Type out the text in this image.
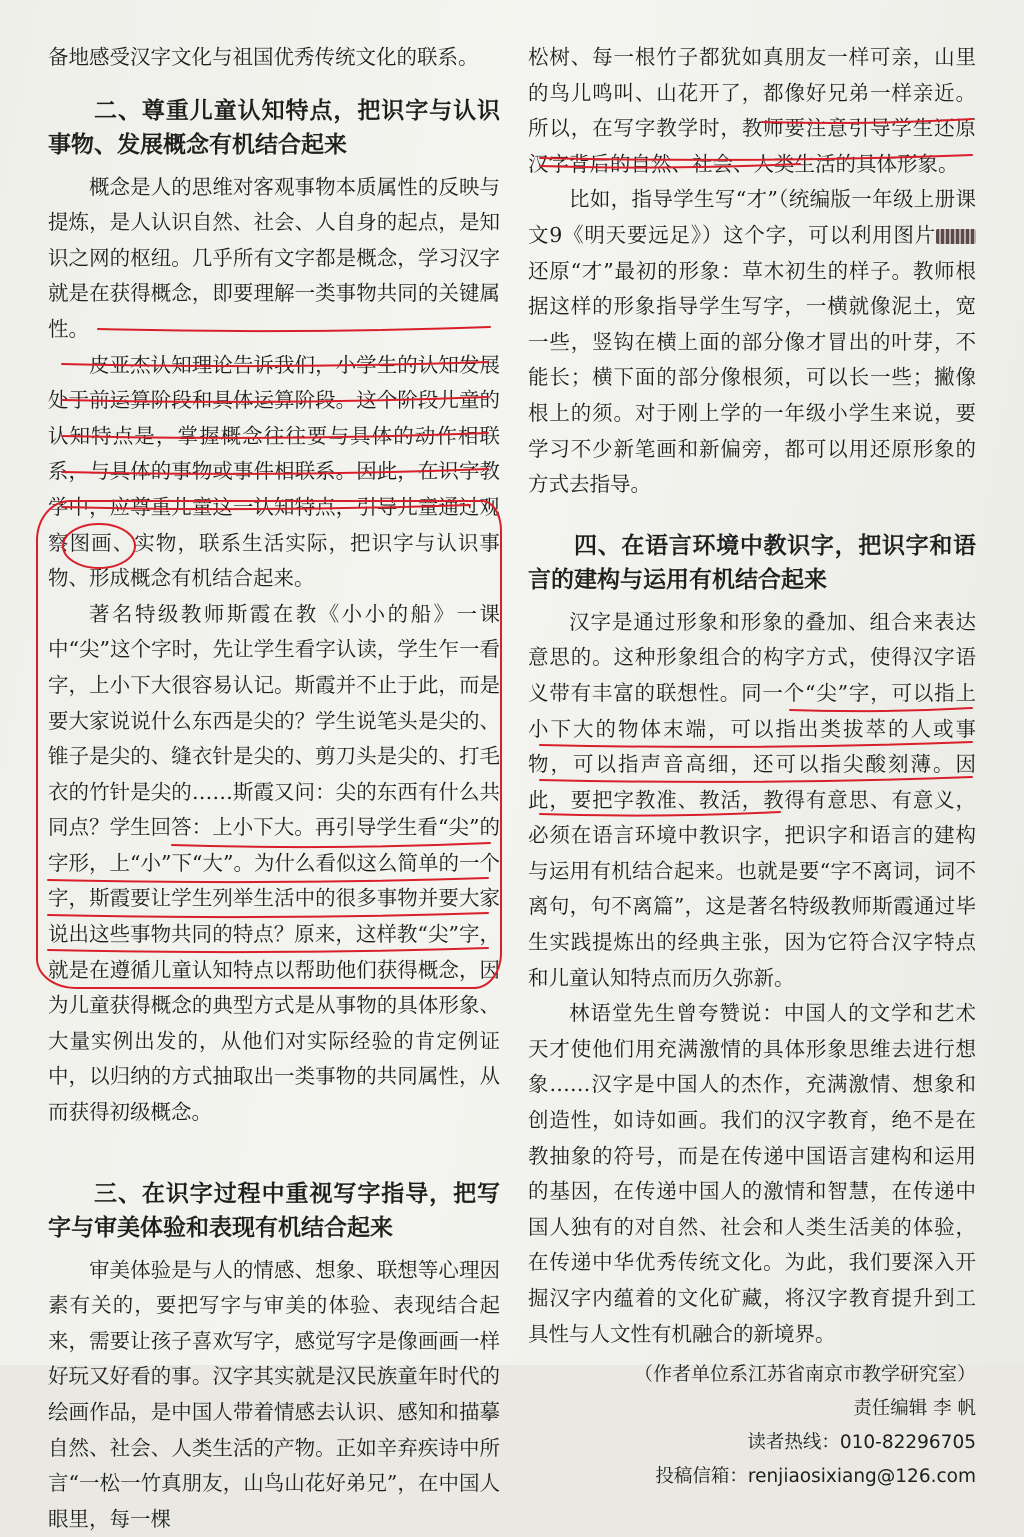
备地感受汉字文化与祖国优秀传统文化的联系。

二、尊重儿童认知特点，把识字与认识事物、发展概念有机结合起来

概念是人的思维对客观事物本质属性的反映与提炼，是人认识自然、社会、人自身的起点，是知识之网的枢纽。几乎所有文字都是概念，学习汉字就是在获得概念，即要理解一类事物共同的关键属性。

皮亚杰认知理论告诉我们，小学生的认知发展处于前运算阶段和具体运算阶段。这个阶段儿童的认知特点是，掌握概念往往要与具体的动作相联系，与具体的事物或事件相联系。因此，在识字教学中，应尊重儿童这一认知特点，引导儿童通过观察图画、实物，联系生活实际，把识字与认识事物、形成概念有机结合起来。

著名特级教师斯霞在教《小小的船》一课中“尖”这个字时，先让学生看字认读，学生乍一看字，上小下大很容易认记。斯霞并不止于此，而是要大家说说什么东西是尖的？学生说笔头是尖的、锥子是尖的、缝衣针是尖的、剪刀头是尖的、打毛衣的竹针是尖的……斯霞又问：尖的东西有什么共同点？学生回答：上小下大。再引导学生看“尖”的字形，上“小”下“大”。为什么看似这么简单的一个字，斯霞要让学生列举生活中的很多事物并要大家说出这些事物共同的特点？原来，这样教“尖”字，就是在遵循儿童认知特点以帮助他们获得概念，因为儿童获得概念的典型方式是从事物的具体形象、大量实例出发的，从他们对实际经验的肯定例证中，以归纳的方式抽取出一类事物的共同属性，从而获得初级概念。

三、在识字过程中重视写字指导，把写字与审美体验和表现有机结合起来

审美体验是与人的情感、想象、联想等心理因素有关的，要把写字与审美的体验、表现结合起来，需要让孩子喜欢写字，感觉写字是像画画一样好玩又好看的事。汉字其实就是汉民族童年时代的绘画作品，是中国人带着情感去认识、感知和描摹自然、社会、人类生活的产物。正如辛弃疾诗中所言“一松一竹真朋友，山鸟山花好弟兄”，在中国人眼里，每一棵

松树、每一根竹子都犹如真朋友一样可亲，山里的鸟儿鸣叫、山花开了，都像好兄弟一样亲近。所以，在写字教学时，教师要注意引导学生还原汉字背后的自然、社会、人类生活的具体形象。

比如，指导学生写“才”（统编版一年级上册课文9《明天要远足》）这个字，可以利用图片还原“才”最初的形象：草木初生的样子。教师根据这样的形象指导学生写字，一横就像泥土，宽一些，竖钩在横上面的部分像才冒出的叶芽，不能长；横下面的部分像根须，可以长一些；撇像根上的须。对于刚上学的一年级小学生来说，要学习不少新笔画和新偏旁，都可以用还原形象的方式去指导。

四、在语言环境中教识字，把识字和语言的建构与运用有机结合起来

汉字是通过形象和形象的叠加、组合来表达意思的。这种形象组合的构字方式，使得汉字语义带有丰富的联想性。同一个“尖”字，可以指上小下大的物体末端，可以指出类拔萃的人或事物，可以指声音高细，还可以指尖酸刻薄。因此，要把字教准、教活，教得有意思、有意义，必须在语言环境中教识字，把识字和语言的建构与运用有机结合起来。也就是要“字不离词，词不离句，句不离篇”，这是著名特级教师斯霞通过毕生实践提炼出的经典主张，因为它符合汉字特点和儿童认知特点而历久弥新。

林语堂先生曾夸赞说：中国人的文学和艺术天才使他们用充满激情的具体形象思维去进行想象……汉字是中国人的杰作，充满激情、想象和创造性，如诗如画。我们的汉字教育，绝不是在教抽象的符号，而是在传递中国语言建构和运用的基因，在传递中国人的激情和智慧，在传递中国人独有的对自然、社会和人类生活美的体验，在传递中华优秀传统文化。为此，我们要深入开掘汉字内蕴着的文化矿藏，将汉字教育提升到工具性与人文性有机融合的新境界。

（作者单位系江苏省南京市教学研究室）
责任编辑 李 帆
读者热线：010-82296705
投稿信箱：renjiaosixiang@126.com
